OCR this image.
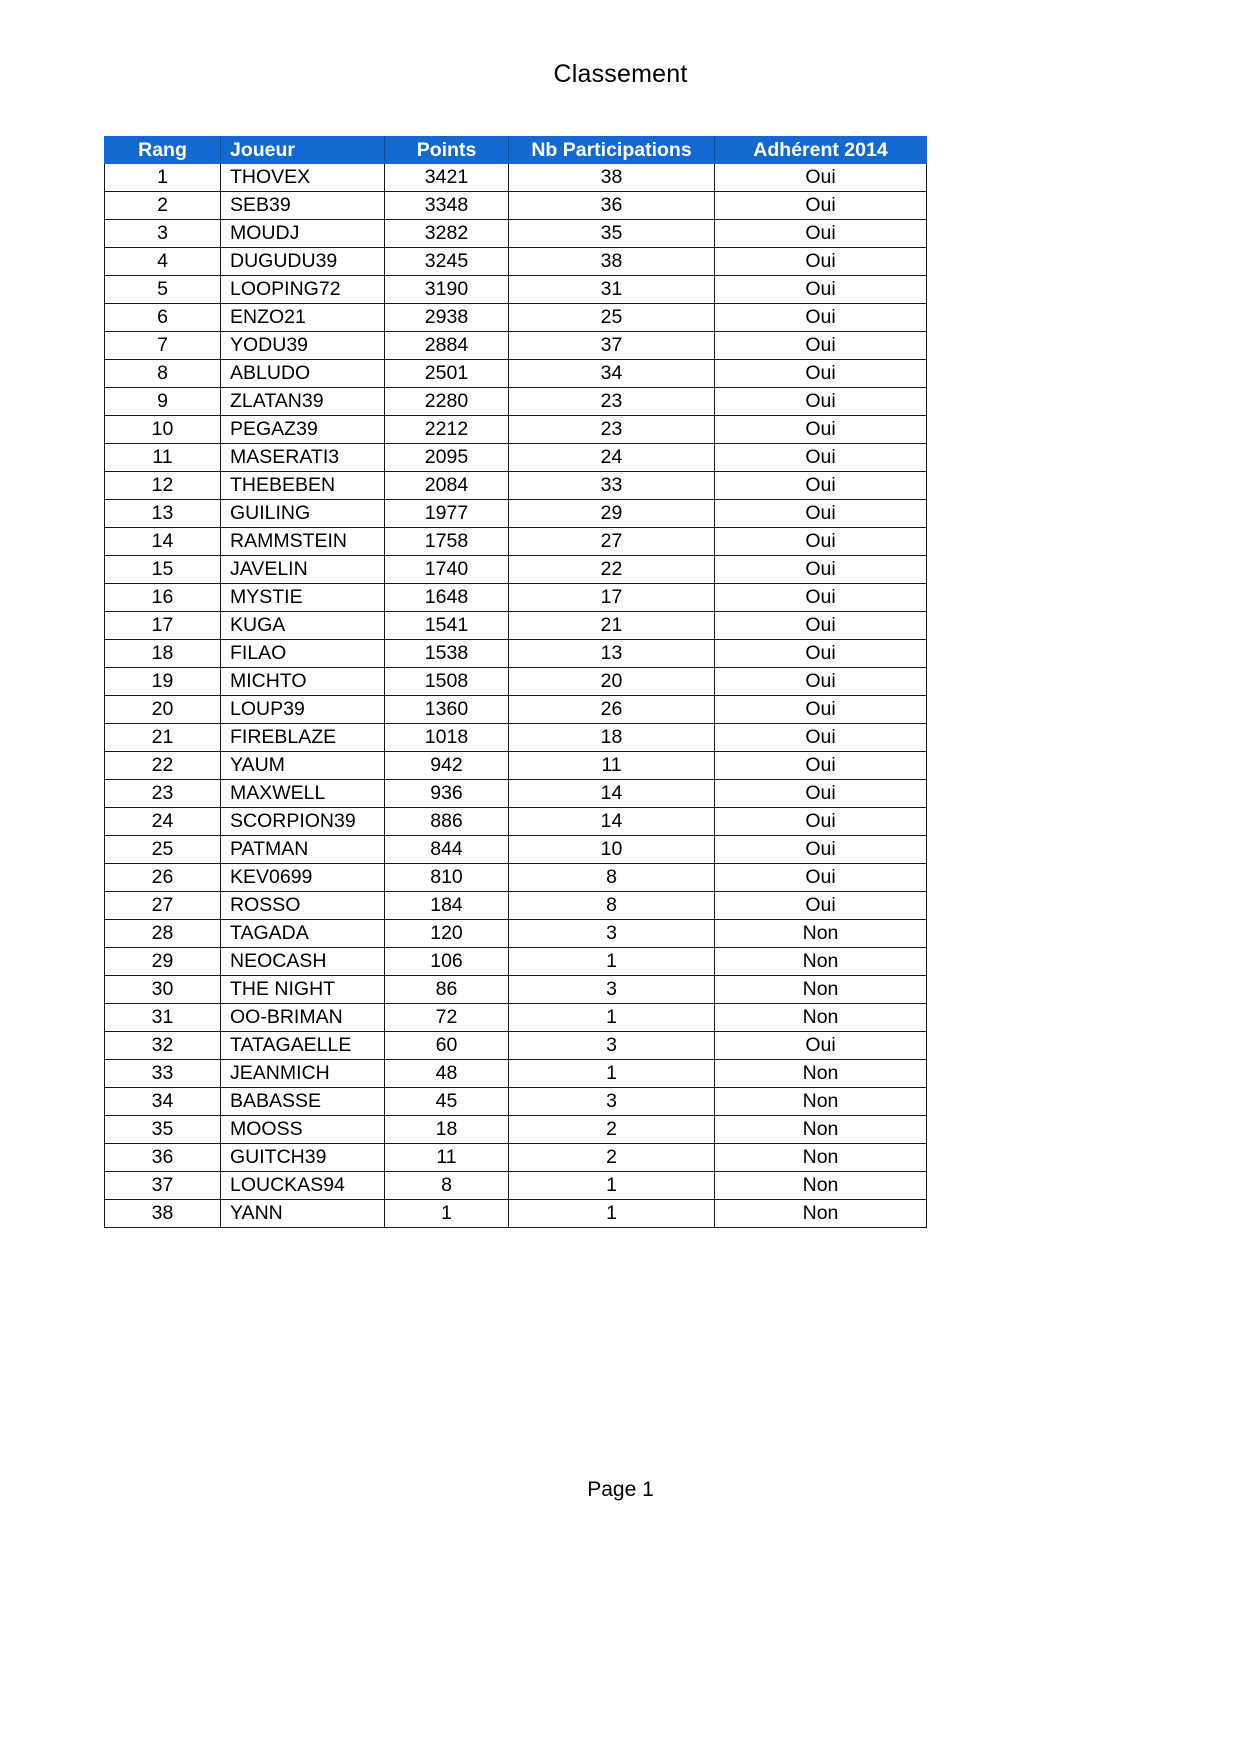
Classement
Rang	Joueur	Points	Nb Participations	Adhérent 2014
1	THOVEX	3421	38	Oui
2	SEB39	3348	36	Oui
3	MOUDJ	3282	35	Oui
4	DUGUDU39	3245	38	Oui
5	LOOPING72	3190	31	Oui
6	ENZO21	2938	25	Oui
7	YODU39	2884	37	Oui
8	ABLUDO	2501	34	Oui
9	ZLATAN39	2280	23	Oui
10	PEGAZ39	2212	23	Oui
11	MASERATI3	2095	24	Oui
12	THEBEBEN	2084	33	Oui
13	GUILING	1977	29	Oui
14	RAMMSTEIN	1758	27	Oui
15	JAVELIN	1740	22	Oui
16	MYSTIE	1648	17	Oui
17	KUGA	1541	21	Oui
18	FILAO	1538	13	Oui
19	MICHTO	1508	20	Oui
20	LOUP39	1360	26	Oui
21	FIREBLAZE	1018	18	Oui
22	YAUM	942	11	Oui
23	MAXWELL	936	14	Oui
24	SCORPION39	886	14	Oui
25	PATMAN	844	10	Oui
26	KEV0699	810	8	Oui
27	ROSSO	184	8	Oui
28	TAGADA	120	3	Non
29	NEOCASH	106	1	Non
30	THE NIGHT	86	3	Non
31	OO-BRIMAN	72	1	Non
32	TATAGAELLE	60	3	Oui
33	JEANMICH	48	1	Non
34	BABASSE	45	3	Non
35	MOOSS	18	2	Non
36	GUITCH39	11	2	Non
37	LOUCKAS94	8	1	Non
38	YANN	1	1	Non
Page 1
